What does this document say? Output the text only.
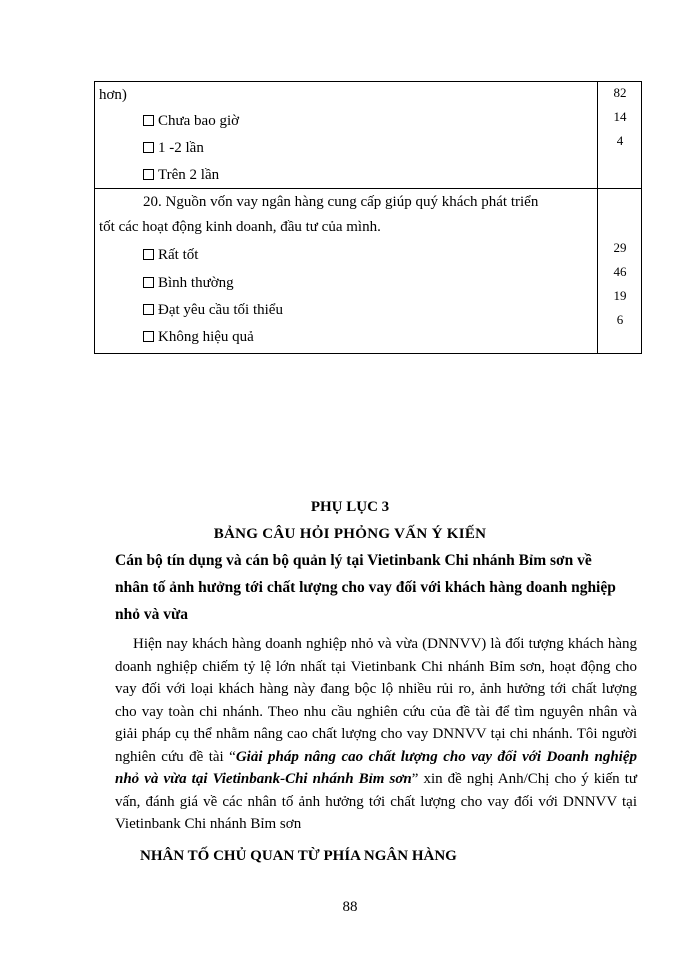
hơn)
Chưa bao giờ
1 -2 lần
Trên 2 lần
82
14
4
20. Nguồn vốn vay ngân hàng cung cấp giúp quý khách phát triển
tốt các hoạt động kinh doanh, đầu tư của mình.
Rất tốt
Bình thường
Đạt yêu cầu tối thiểu
Không hiệu quả
29
46
19
6
PHỤ LỤC 3
BẢNG CÂU HỎI PHỎNG VẤN Ý KIẾN
Cán bộ tín dụng và cán bộ quản lý tại Vietinbank Chi nhánh Bỉm sơn về
nhân tố ảnh hưởng tới chất lượng cho vay đối với khách hàng doanh nghiệp
nhỏ và vừa
Hiện nay khách hàng doanh nghiệp nhỏ và vừa (DNNVV) là đối tượng khách hàng doanh nghiệp chiếm tỷ lệ lớn nhất tại Vietinbank Chi nhánh Bỉm sơn, hoạt động cho vay đối với loại khách hàng này đang bộc lộ nhiều rủi ro, ảnh hưởng tới chất lượng cho vay toàn chi nhánh. Theo nhu cầu nghiên cứu của đề tài để tìm nguyên nhân và giải pháp cụ thể nhằm nâng cao chất lượng cho vay DNNVV tại chi nhánh. Tôi người nghiên cứu đề tài “Giải pháp nâng cao chất lượng cho vay đối với Doanh nghiệp nhỏ và vừa tại Vietinbank-Chi nhánh Bỉm sơn” xin đề nghị Anh/Chị cho ý kiến tư vấn, đánh giá về các nhân tố ảnh hưởng tới chất lượng cho vay đối với DNNVV tại Vietinbank Chi nhánh Bỉm sơn
NHÂN TỐ CHỦ QUAN TỪ PHÍA NGÂN HÀNG
88
